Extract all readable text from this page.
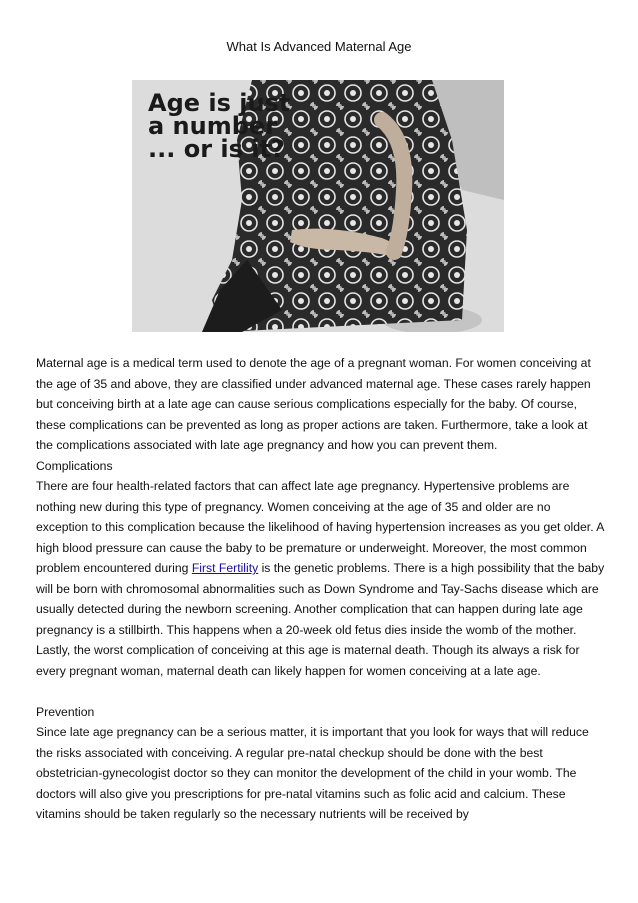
What Is Advanced Maternal Age
Age is just
a number
... or is it?

Maternal age is a medical term used to denote the age of a pregnant woman. For women conceiving at the age of 35 and above, they are classified under advanced maternal age. These cases rarely happen but conceiving birth at a late age can cause serious complications especially for the baby. Of course, these complications can be prevented as long as proper actions are taken. Furthermore, take a look at the complications associated with late age pregnancy and how you can prevent them.

Complications

There are four health-related factors that can affect late age pregnancy. Hypertensive problems are nothing new during this type of pregnancy. Women conceiving at the age of 35 and older are no exception to this complication because the likelihood of having hypertension increases as you get older. A high blood pressure can cause the baby to be premature or underweight. Moreover, the most common problem encountered during First Fertility is the genetic problems. There is a high possibility that the baby will be born with chromosomal abnormalities such as Down Syndrome and Tay-Sachs disease which are usually detected during the newborn screening. Another complication that can happen during late age pregnancy is a stillbirth. This happens when a 20-week old fetus dies inside the womb of the mother. Lastly, the worst complication of conceiving at this age is maternal death. Though its always a risk for every pregnant woman, maternal death can likely happen for women conceiving at a late age.

Prevention

Since late age pregnancy can be a serious matter, it is important that you look for ways that will reduce the risks associated with conceiving. A regular pre-natal checkup should be done with the best obstetrician-gynecologist doctor so they can monitor the development of the child in your womb. The doctors will also give you prescriptions for pre-natal vitamins such as folic acid and calcium. These vitamins should be taken regularly so the necessary nutrients will be received by
